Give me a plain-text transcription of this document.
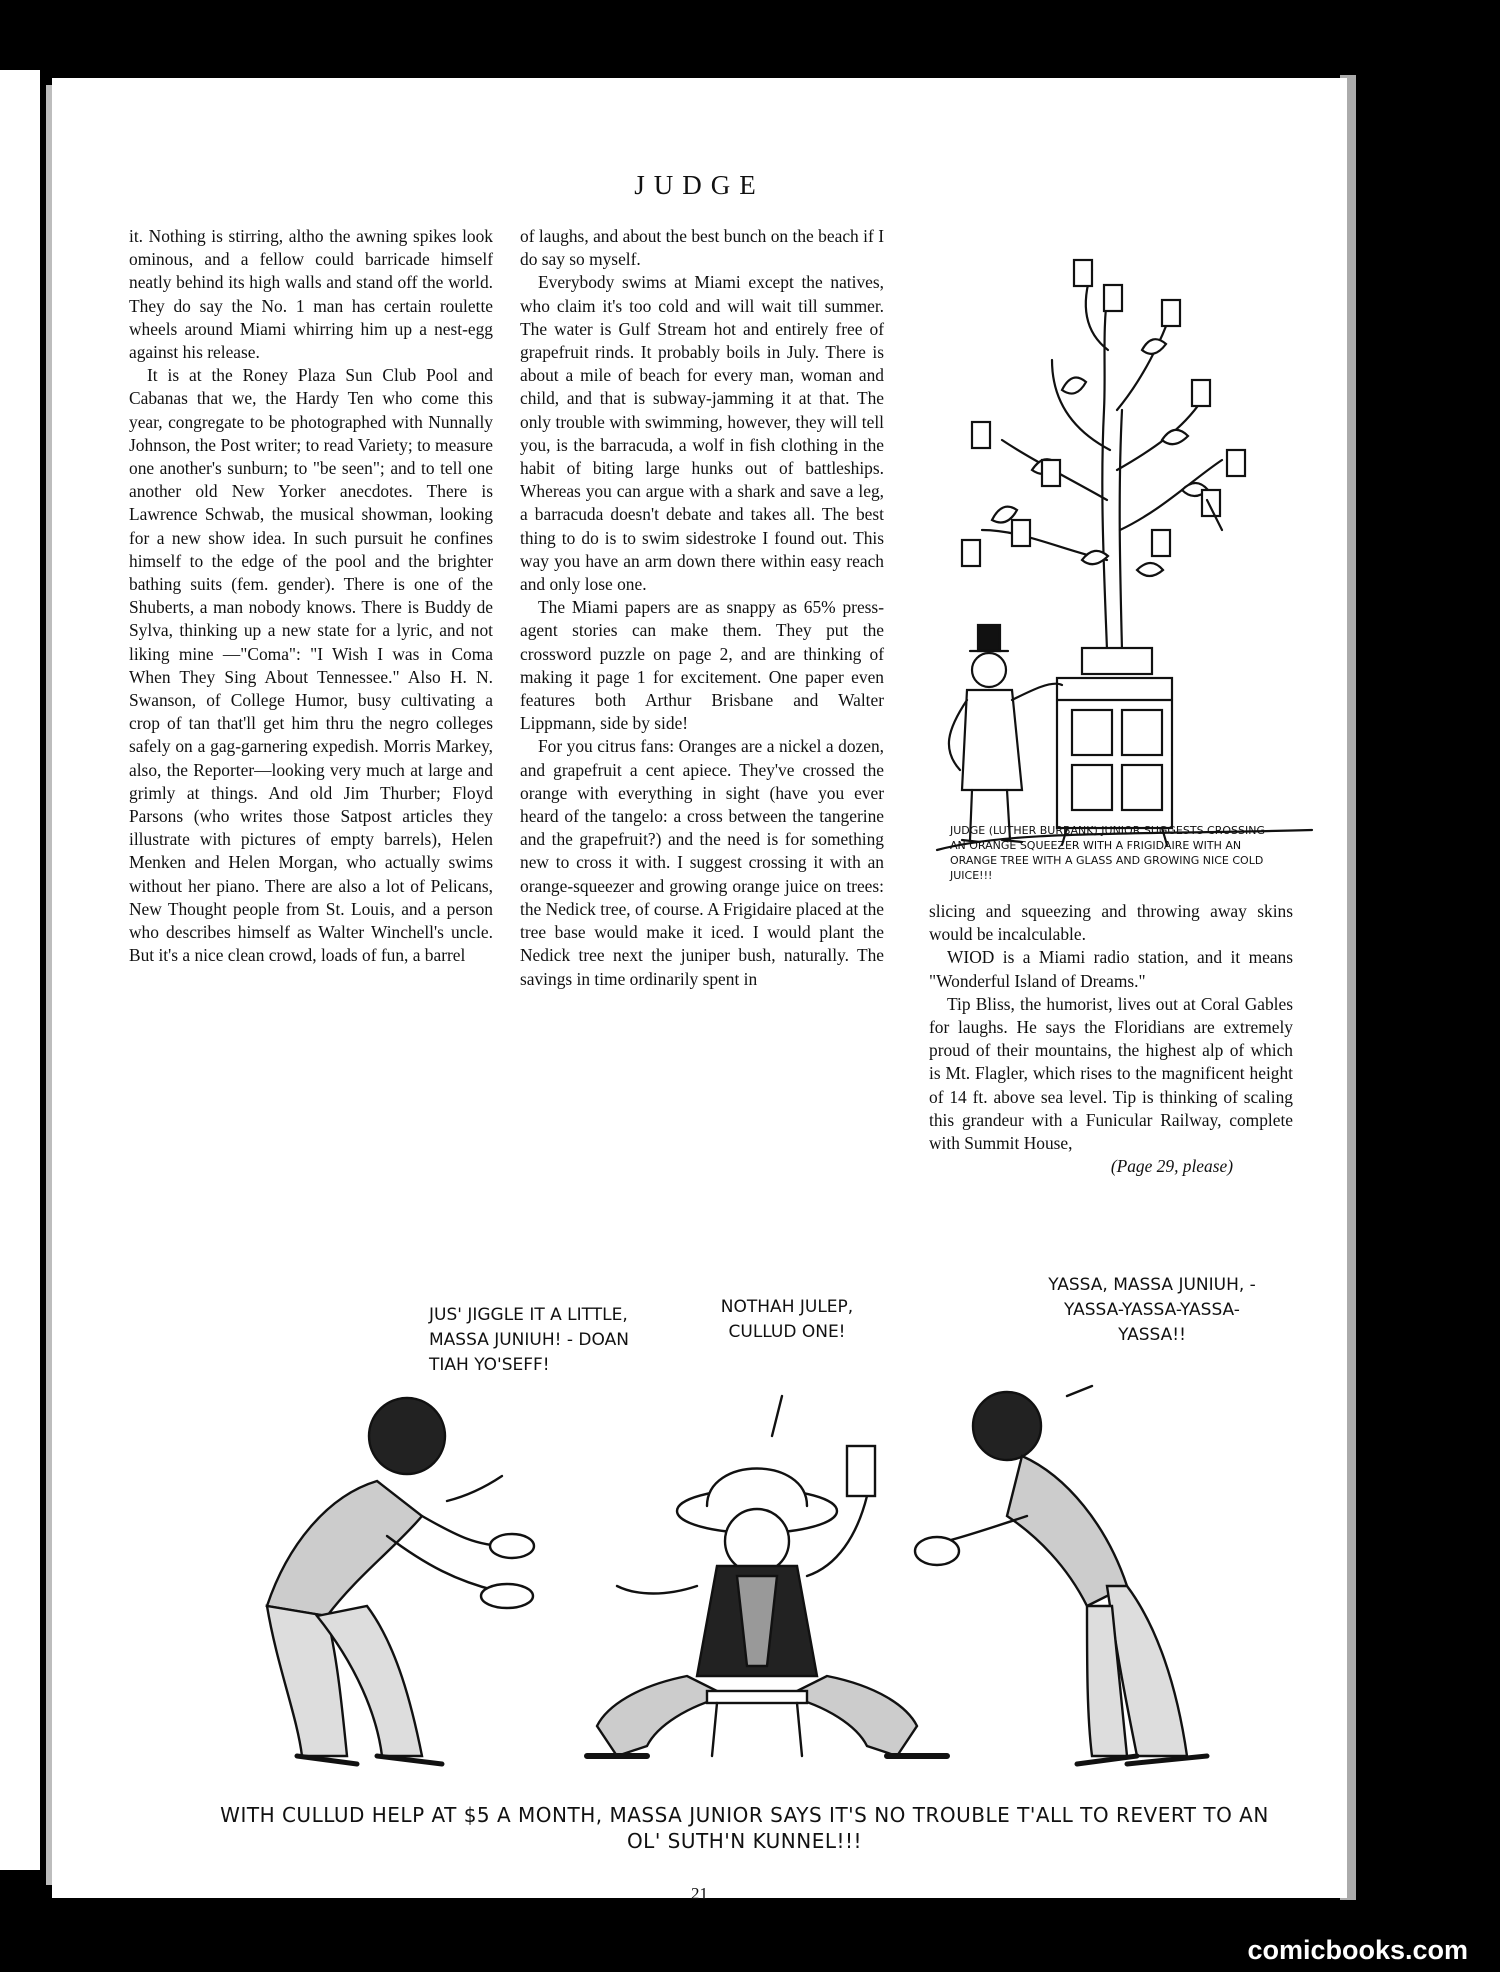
JUDGE

it. Nothing is stirring, altho the awning spikes look ominous, and a fellow could barricade himself neatly behind its high walls and stand off the world. They do say the No. 1 man has certain roulette wheels around Miami whirring him up a nest-egg against his release.

It is at the Roney Plaza Sun Club Pool and Cabanas that we, the Hardy Ten who come this year, congregate to be photographed with Nunnally Johnson, the Post writer; to read Variety; to measure one another's sunburn; to "be seen"; and to tell one another old New Yorker anecdotes. There is Lawrence Schwab, the musical showman, looking for a new show idea. In such pursuit he confines himself to the edge of the pool and the brighter bathing suits (fem. gender). There is one of the Shuberts, a man nobody knows. There is Buddy de Sylva, thinking up a new state for a lyric, and not liking mine —"Coma": "I Wish I was in Coma When They Sing About Tennessee." Also H. N. Swanson, of College Humor, busy cultivating a crop of tan that'll get him thru the negro colleges safely on a gag-garnering expedish. Morris Markey, also, the Reporter—looking very much at large and grimly at things. And old Jim Thurber; Floyd Parsons (who writes those Satpost articles they illustrate with pictures of empty barrels), Helen Menken and Helen Morgan, who actually swims without her piano. There are also a lot of Pelicans, New Thought people from St. Louis, and a person who describes himself as Walter Winchell's uncle. But it's a nice clean crowd, loads of fun, a barrel

of laughs, and about the best bunch on the beach if I do say so myself.

Everybody swims at Miami except the natives, who claim it's too cold and will wait till summer. The water is Gulf Stream hot and entirely free of grapefruit rinds. It probably boils in July. There is about a mile of beach for every man, woman and child, and that is subway-jamming it at that. The only trouble with swimming, however, they will tell you, is the barracuda, a wolf in fish clothing in the habit of biting large hunks out of battleships. Whereas you can argue with a shark and save a leg, a barracuda doesn't debate and takes all. The best thing to do is to swim sidestroke I found out. This way you have an arm down there within easy reach and only lose one.

The Miami papers are as snappy as 65% press-agent stories can make them. They put the crossword puzzle on page 2, and are thinking of making it page 1 for excitement. One paper even features both Arthur Brisbane and Walter Lippmann, side by side!

For you citrus fans: Oranges are a nickel a dozen, and grapefruit a cent apiece. They've crossed the orange with everything in sight (have you ever heard of the tangelo: a cross between the tangerine and the grapefruit?) and the need is for something new to cross it with. I suggest crossing it with an orange-squeezer and growing orange juice on trees: the Nedick tree, of course. A Frigidaire placed at the tree base would make it iced. I would plant the Nedick tree next the juniper bush, naturally. The savings in time ordinarily spent in

JUDGE (LUTHER BURBANK) JUNIOR SUGGESTS CROSSING AN ORANGE SQUEEZER WITH A FRIGIDAIRE WITH AN ORANGE TREE WITH A GLASS AND GROWING NICE COLD JUICE!!!

slicing and squeezing and throwing away skins would be incalculable.

WIOD is a Miami radio station, and it means "Wonderful Island of Dreams."

Tip Bliss, the humorist, lives out at Coral Gables for laughs. He says the Floridians are extremely proud of their mountains, the highest alp of which is Mt. Flagler, which rises to the magnificent height of 14 ft. above sea level. Tip is thinking of scaling this grandeur with a Funicular Railway, complete with Summit House,

(Page 29, please)

JUS' JIGGLE IT A LITTLE, MASSA JUNIUH! - DOAN TIAH YO'SEFF!
NOTHAH JULEP, CULLUD ONE!
YASSA, MASSA JUNIUH, -YASSA-YASSA-YASSA-YASSA!!
WITH CULLUD HELP AT $5 A MONTH, MASSA JUNIOR SAYS IT'S NO TROUBLE T'ALL TO REVERT TO AN OL' SUTH'N KUNNEL!!!
21
comicbooks.com
